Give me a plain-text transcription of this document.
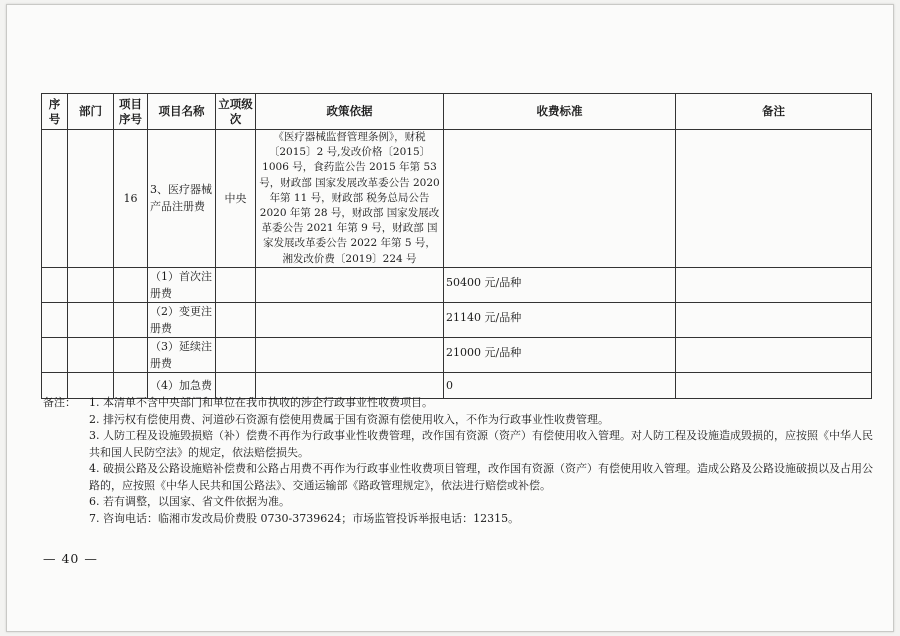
序号	部门	项目序号	项目名称	立项级次	政策依据	收费标准	备注
		16	3、医疗器械产品注册费	中央	《医疗器械监督管理条例》，财税〔2015〕2 号,发改价格〔2015〕1006 号，食药监公告 2015 年第 53 号，财政部 国家发展改革委公告 2020 年第 11 号，财政部 税务总局公告 2020 年第 28 号，财政部 国家发展改革委公告 2021 年第 9 号，财政部 国家发展改革委公告 2022 年第 5 号，湘发改价费〔2019〕224 号		
			（1）首次注册费			50400 元/品种	

			（2）变更注册费			21140 元/品种	

			（3）延续注册费			21000 元/品种	

			（4）加急费			0	

备注： 1. 本清单不含中央部门和单位在我市执收的涉企行政事业性收费项目。

2. 排污权有偿使用费、河道砂石资源有偿使用费属于国有资源有偿使用收入，不作为行政事业性收费管理。

3. 人防工程及设施毁损赔（补）偿费不再作为行政事业性收费管理，改作国有资源（资产）有偿使用收入管理。对人防工程及设施造成毁损的，应按照《中华人民共和国人民防空法》的规定，依法赔偿损失。

4. 破损公路及公路设施赔补偿费和公路占用费不再作为行政事业性收费项目管理，改作国有资源（资产）有偿使用收入管理。造成公路及公路设施破损以及占用公路的，应按照《中华人民共和国公路法》、交通运输部《路政管理规定》，依法进行赔偿或补偿。

6. 若有调整，以国家、省文件依据为准。

7. 咨询电话：临湘市发改局价费股 0730-3739624；市场监管投诉举报电话：12315。

— 40 —
